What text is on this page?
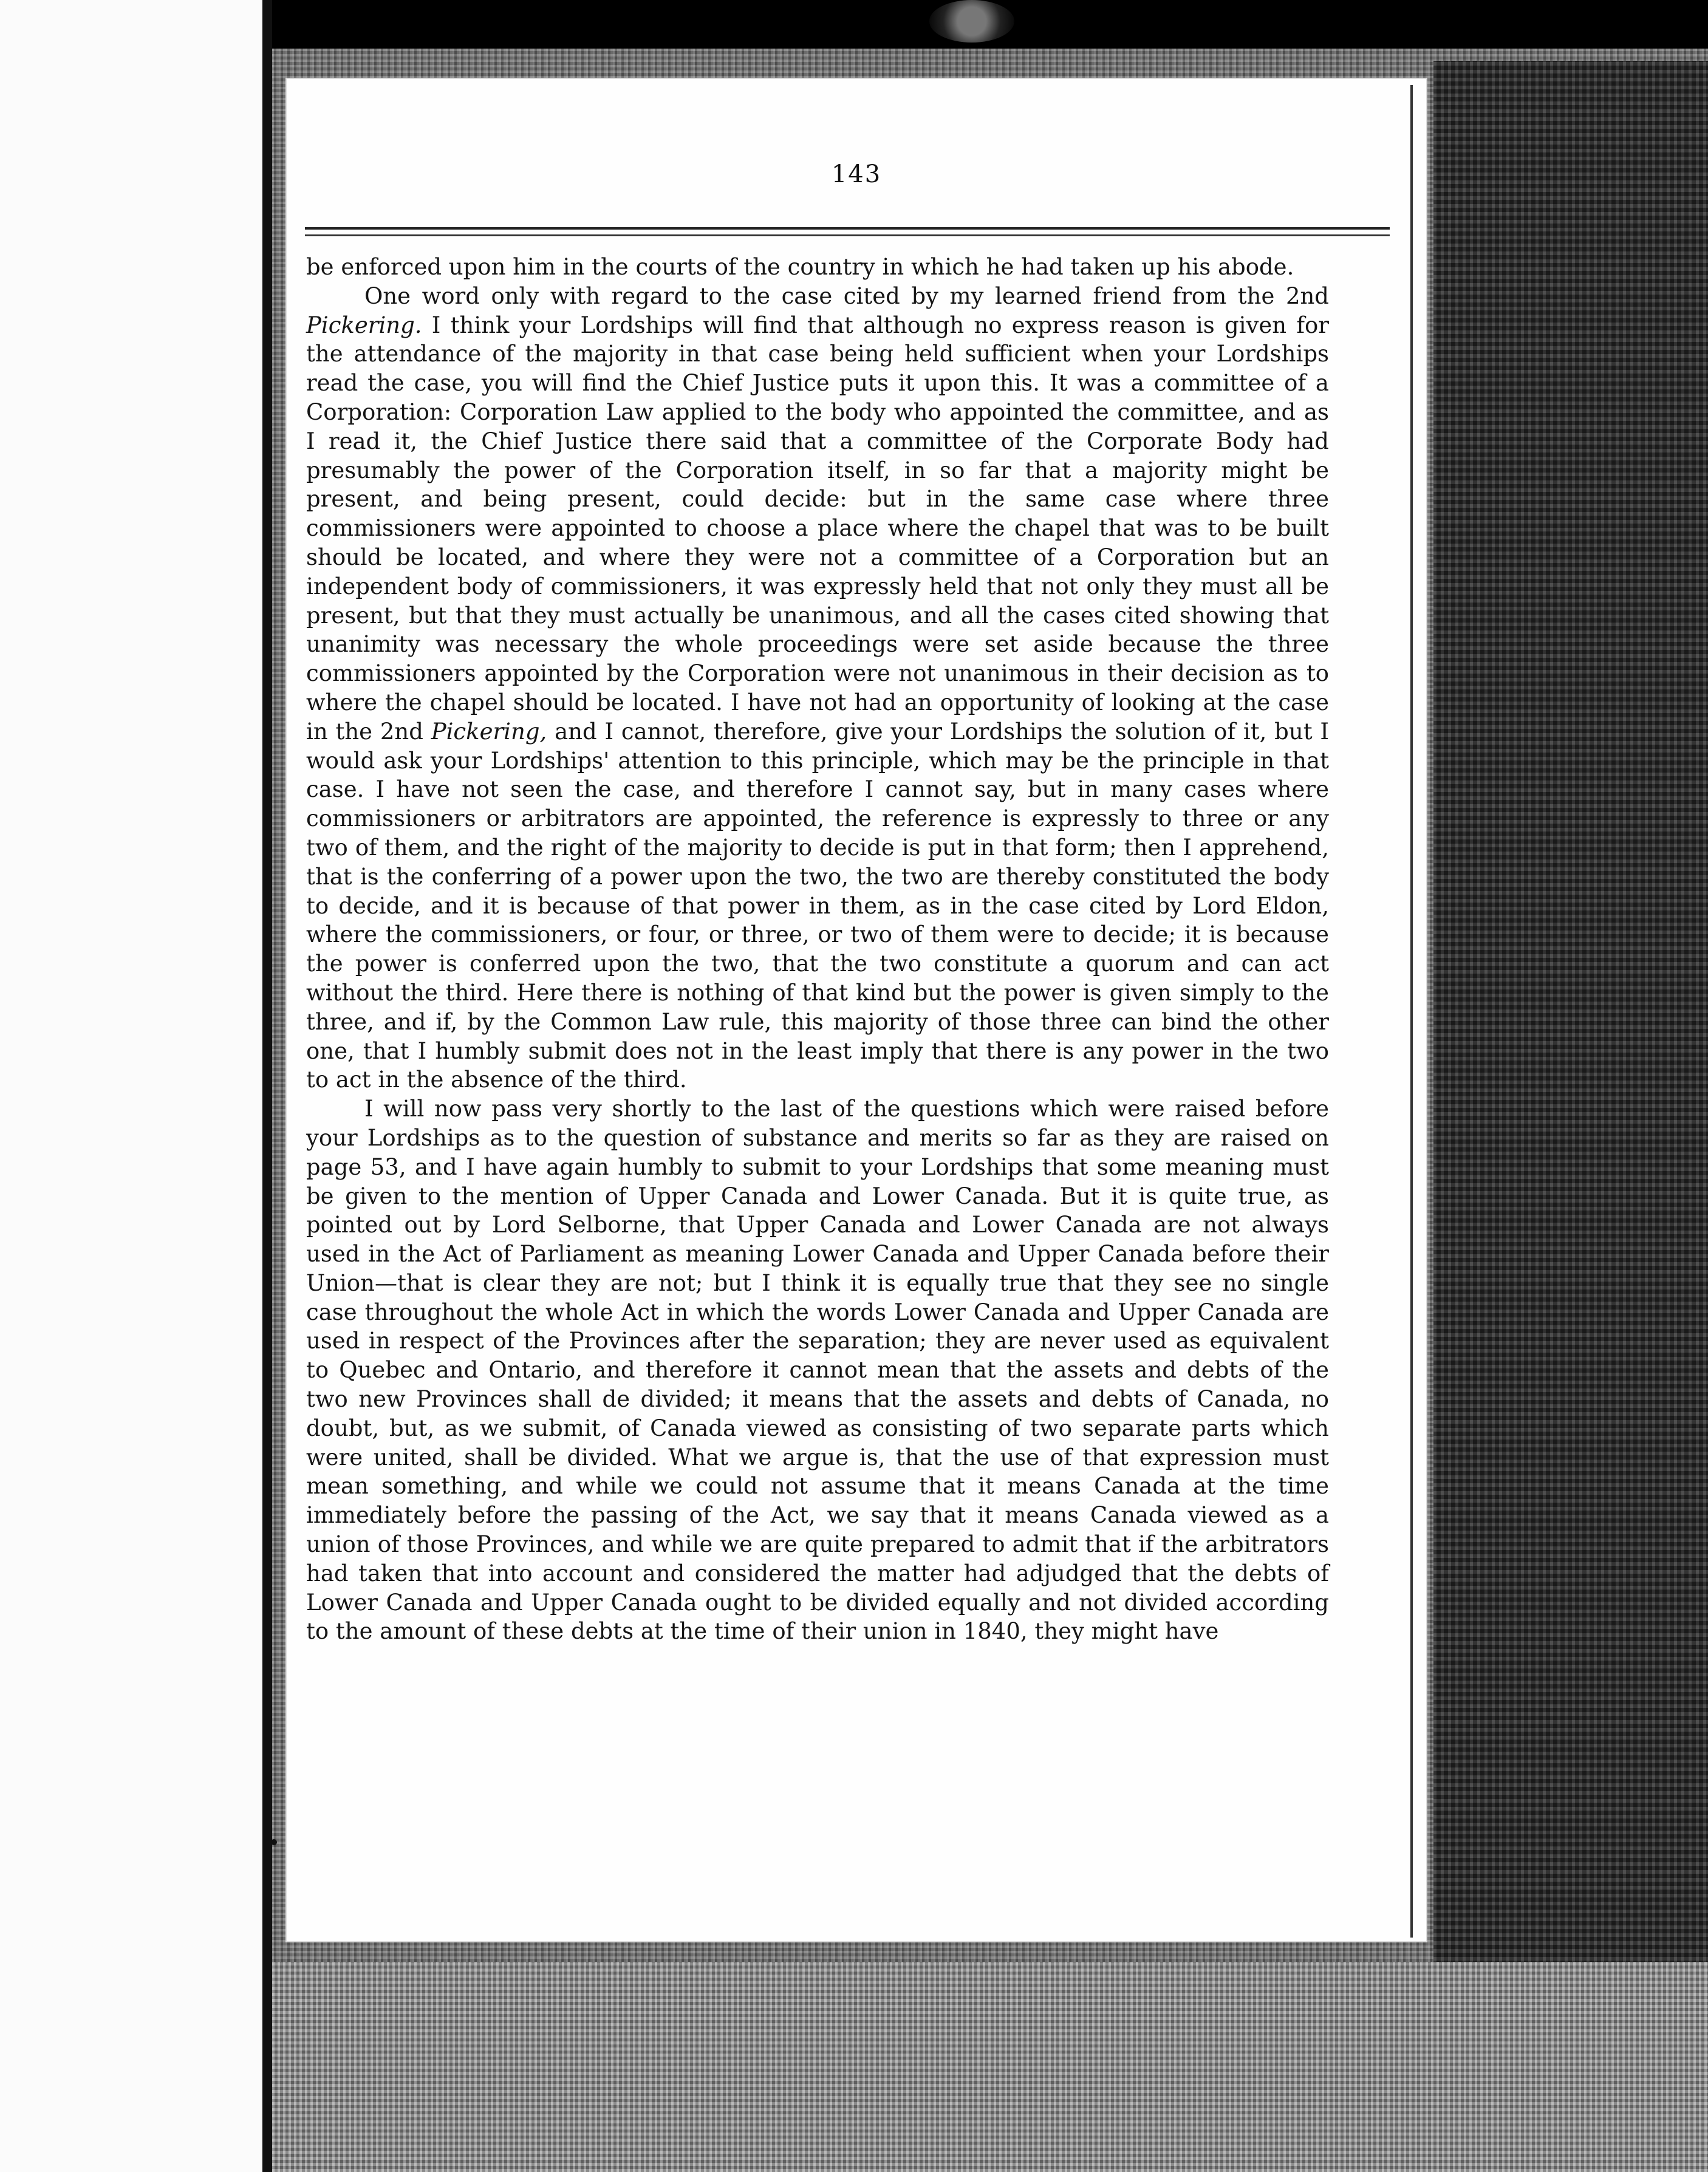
143

be enforced upon him in the courts of the country in which he had taken up his abode.

One word only with regard to the case cited by my learned friend from the 2nd Pickering. I think your Lordships will find that although no express reason is given for the attendance of the majority in that case being held sufficient when your Lordships read the case, you will find the Chief Justice puts it upon this. It was a committee of a Corporation: Corporation Law applied to the body who appointed the committee, and as I read it, the Chief Justice there said that a committee of the Corporate Body had presumably the power of the Corporation itself, in so far that a majority might be present, and being present, could decide: but in the same case where three commissioners were appointed to choose a place where the chapel that was to be built should be located, and where they were not a committee of a Corporation but an independent body of commissioners, it was expressly held that not only they must all be present, but that they must actually be unanimous, and all the cases cited showing that unanimity was necessary the whole proceedings were set aside because the three commissioners appointed by the Corporation were not unanimous in their decision as to where the chapel should be located. I have not had an opportunity of looking at the case in the 2nd Pickering, and I cannot, therefore, give your Lordships the solution of it, but I would ask your Lordships' attention to this principle, which may be the principle in that case. I have not seen the case, and therefore I cannot say, but in many cases where commissioners or arbitrators are appointed, the reference is expressly to three or any two of them, and the right of the majority to decide is put in that form; then I apprehend, that is the conferring of a power upon the two, the two are thereby constituted the body to decide, and it is because of that power in them, as in the case cited by Lord Eldon, where the commissioners, or four, or three, or two of them were to decide; it is because the power is conferred upon the two, that the two constitute a quorum and can act without the third. Here there is nothing of that kind but the power is given simply to the three, and if, by the Common Law rule, this majority of those three can bind the other one, that I humbly submit does not in the least imply that there is any power in the two to act in the absence of the third.

I will now pass very shortly to the last of the questions which were raised before your Lordships as to the question of substance and merits so far as they are raised on page 53, and I have again humbly to submit to your Lordships that some meaning must be given to the mention of Upper Canada and Lower Canada. But it is quite true, as pointed out by Lord Selborne, that Upper Canada and Lower Canada are not always used in the Act of Parliament as meaning Lower Canada and Upper Canada before their Union—that is clear they are not; but I think it is equally true that they see no single case throughout the whole Act in which the words Lower Canada and Upper Canada are used in respect of the Provinces after the separation; they are never used as equivalent to Quebec and Ontario, and therefore it cannot mean that the assets and debts of the two new Provinces shall de divided; it means that the assets and debts of Canada, no doubt, but, as we submit, of Canada viewed as consisting of two separate parts which were united, shall be divided. What we argue is, that the use of that expression must mean something, and while we could not assume that it means Canada at the time immediately before the passing of the Act, we say that it means Canada viewed as a union of those Provinces, and while we are quite prepared to admit that if the arbitrators had taken that into account and considered the matter had adjudged that the debts of Lower Canada and Upper Canada ought to be divided equally and not divided according to the amount of these debts at the time of their union in 1840, they might have
